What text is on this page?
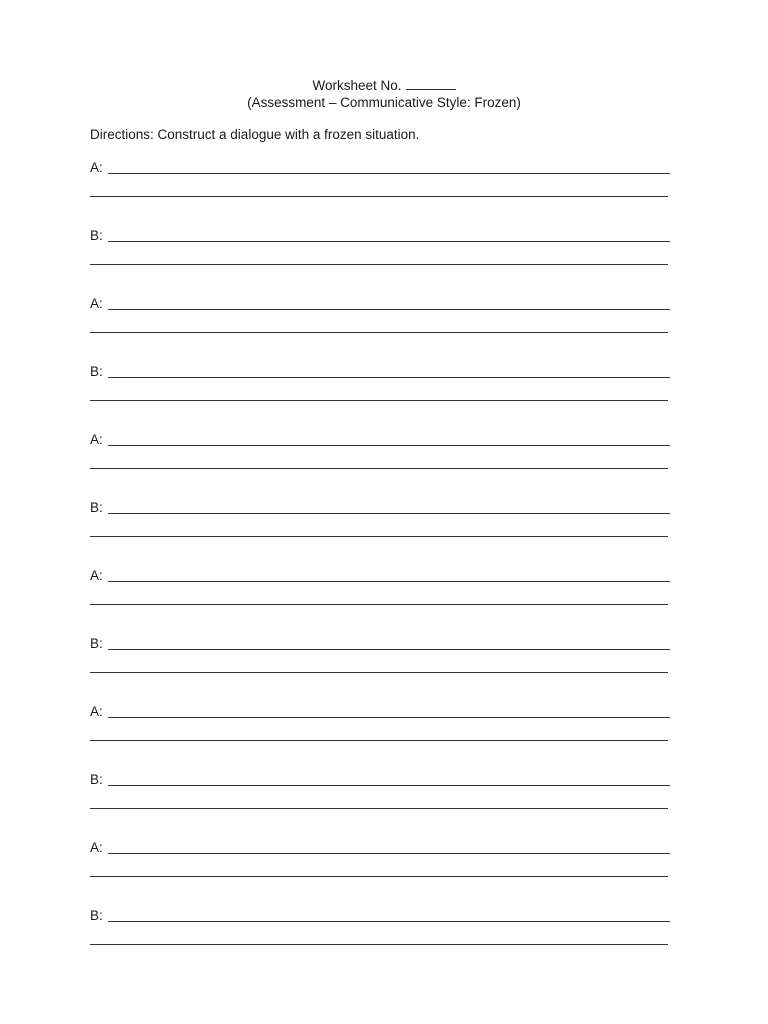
Worksheet No.
(Assessment – Communicative Style: Frozen)
Directions: Construct a dialogue with a frozen situation.
A:
B:
A:
B:
A:
B:
A:
B:
A:
B:
A:
B:
